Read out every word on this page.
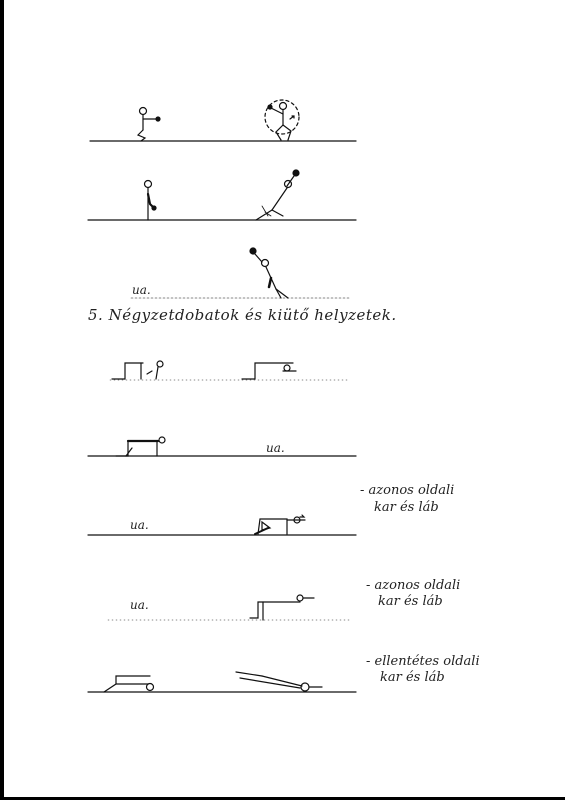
ua.
5. Négyzetdobatok és kiütő helyzetek.
ua.
ua.
ua.
- azonos oldali
kar és láb
- azonos oldali
kar és láb
- ellentétes oldali
kar és láb
